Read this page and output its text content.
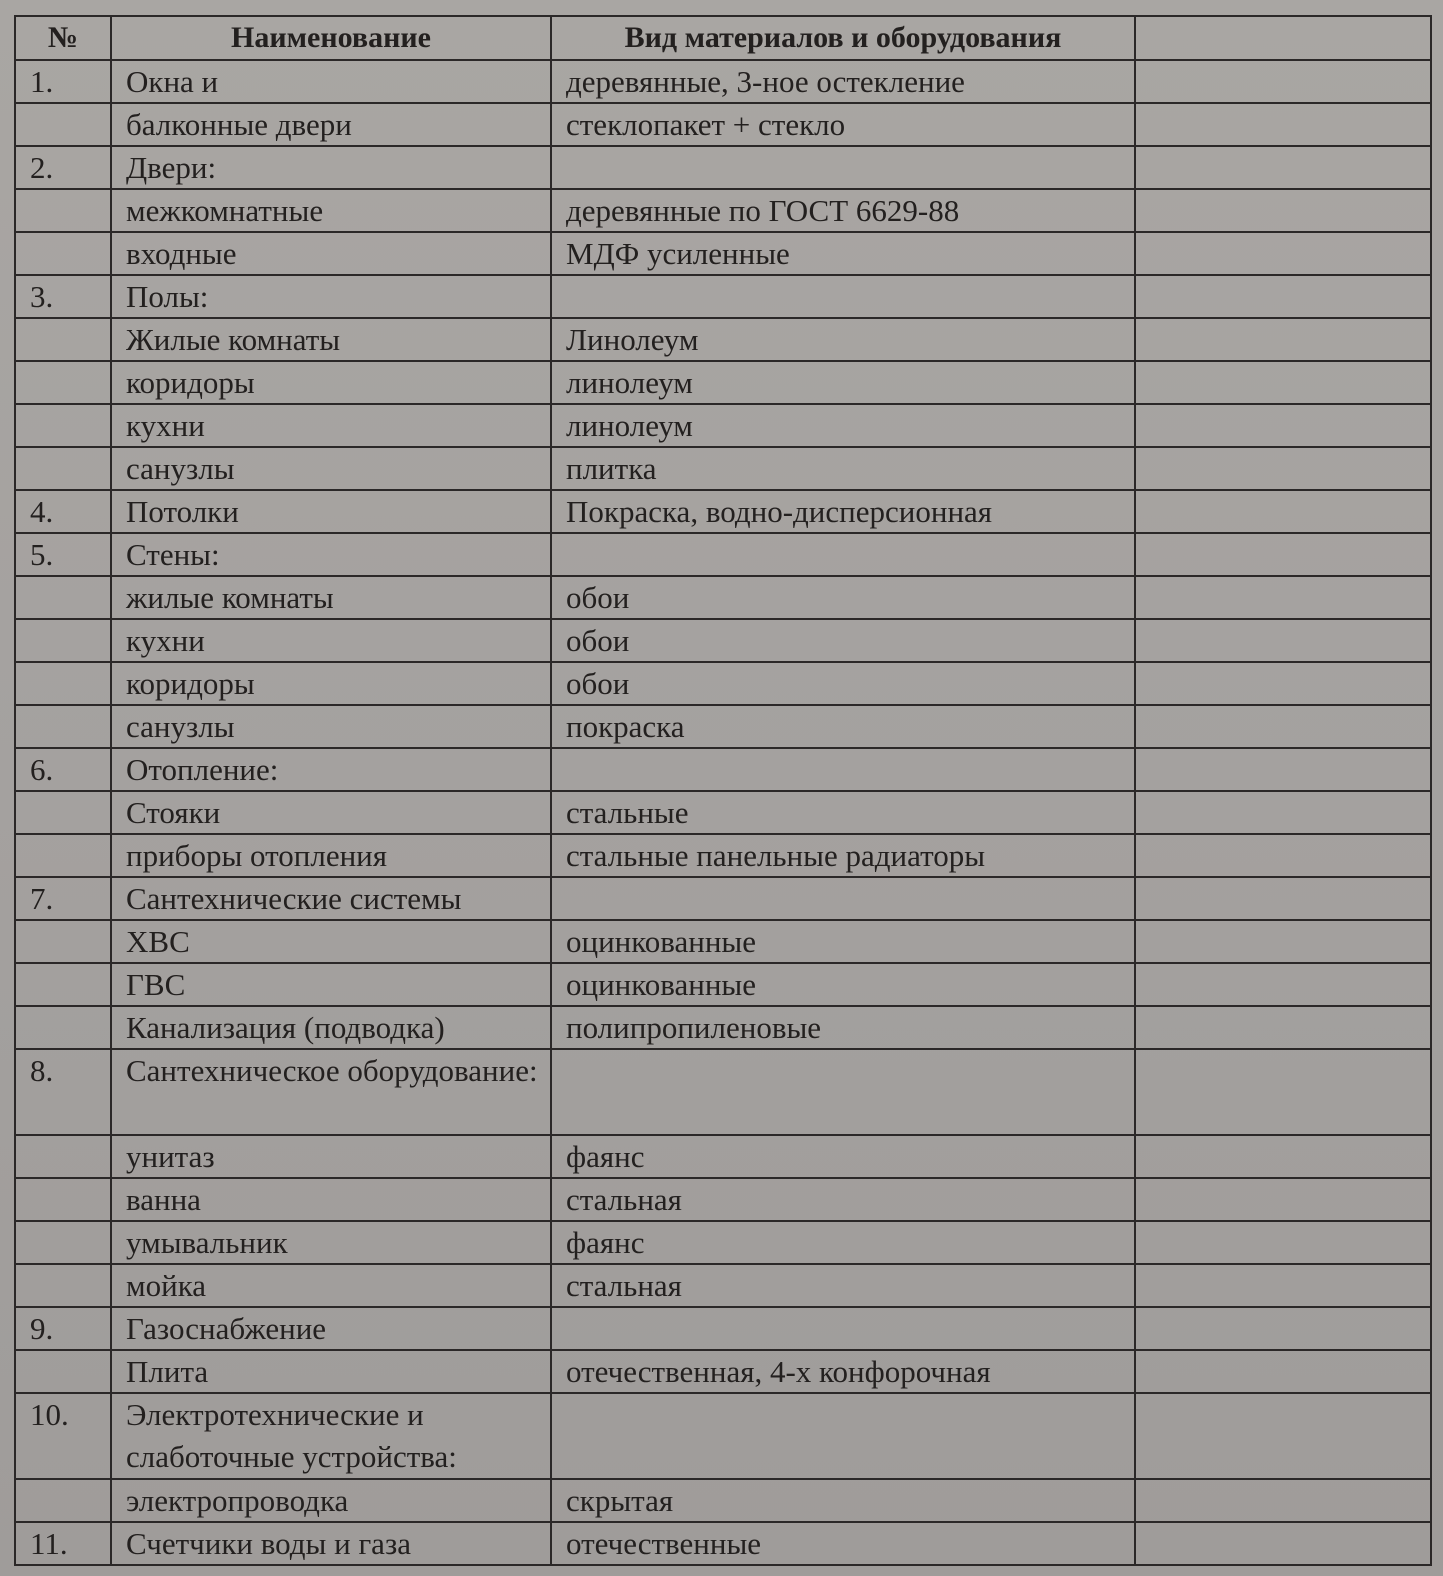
№	Наименование	Вид материалов и оборудования	
1.	Окна и	деревянные, 3-ное остекление	
	балконные двери	стеклопакет + стекло	
2.	Двери:		
	межкомнатные	деревянные по ГОСТ 6629-88	
	входные	МДФ усиленные	
3.	Полы:		
	Жилые комнаты	Линолеум	
	коридоры	линолеум	
	кухни	линолеум	
	санузлы	плитка	
4.	Потолки	Покраска, водно-дисперсионная	
5.	Стены:		
	жилые комнаты	обои	
	кухни	обои	
	коридоры	обои	
	санузлы	покраска	
6.	Отопление:		
	Стояки	стальные	
	приборы отопления	стальные панельные радиаторы	
7.	Сантехнические системы		
	ХВС	оцинкованные	
	ГВС	оцинкованные	
	Канализация (подводка)	полипропиленовые	
8.	Сантехническое оборудование:		
	унитаз	фаянс	
	ванна	стальная	
	умывальник	фаянс	
	мойка	стальная	
9.	Газоснабжение		
	Плита	отечественная, 4-х конфорочная	
10.	Электротехнические и слаботочные устройства:		
	электропроводка	скрытая	
11.	Счетчики воды и газа	отечественные	
